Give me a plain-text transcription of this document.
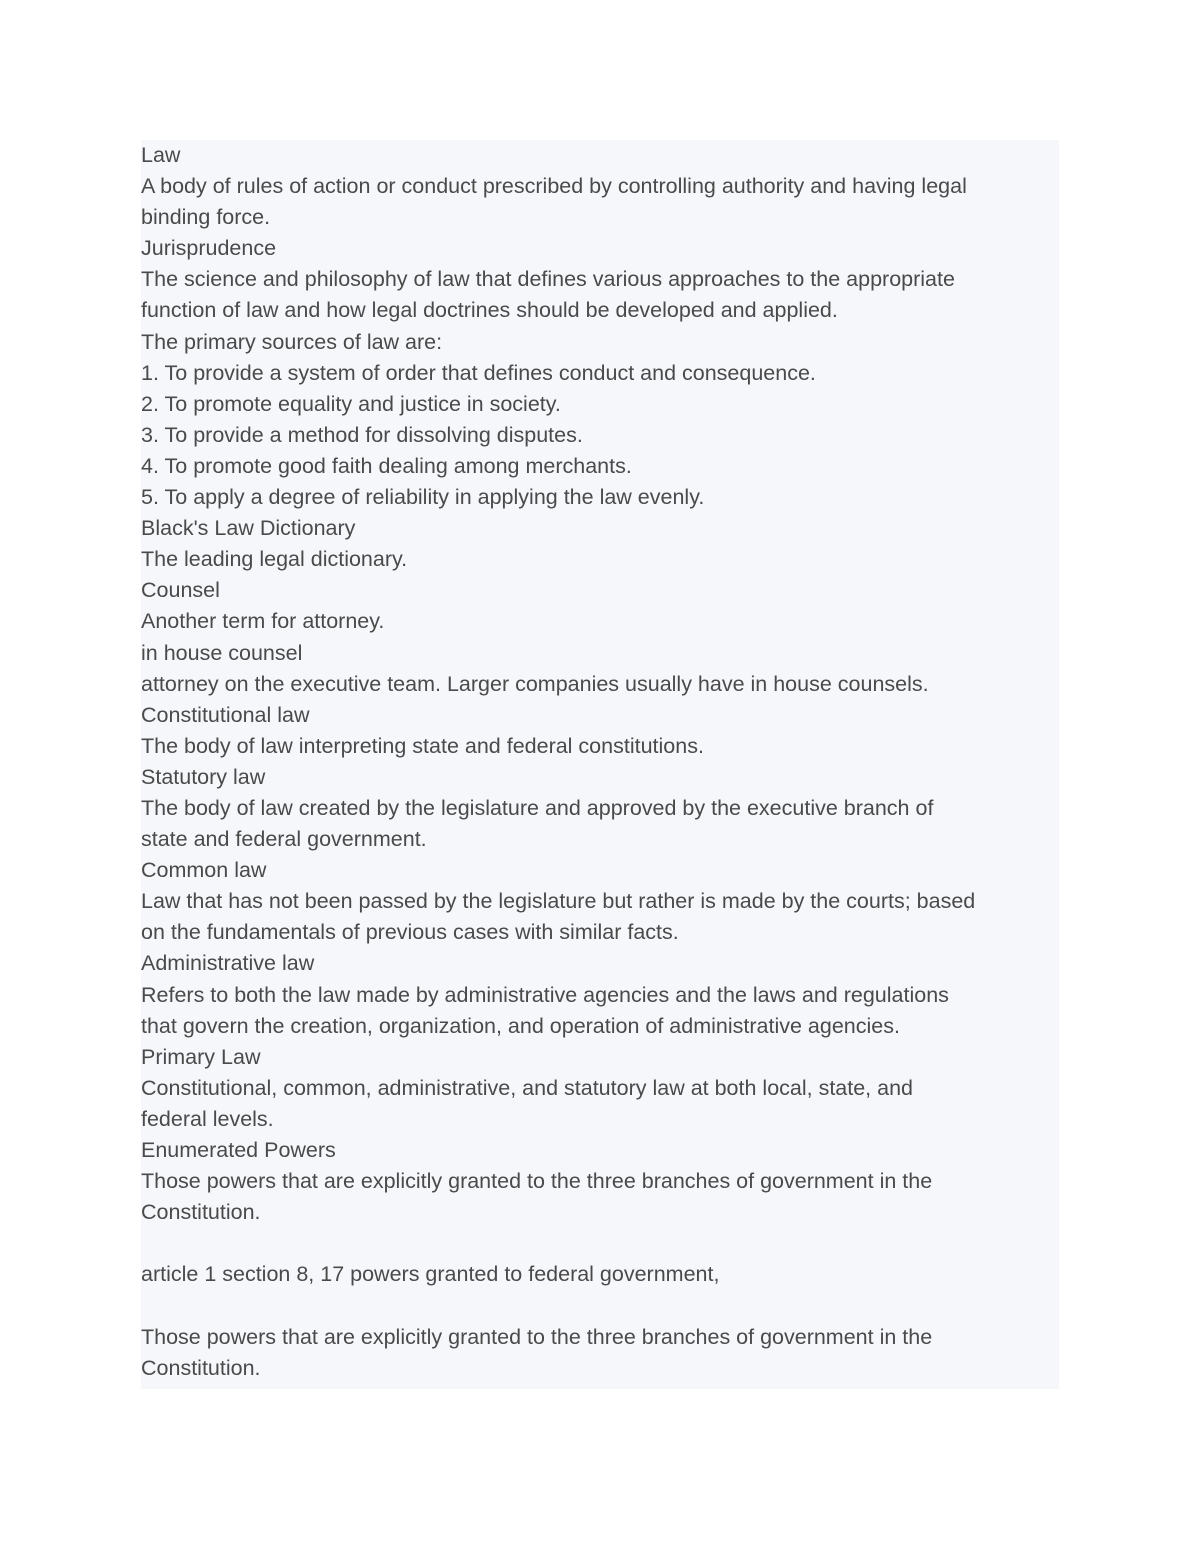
Law
A body of rules of action or conduct prescribed by controlling authority and having legal
binding force.
Jurisprudence
The science and philosophy of law that defines various approaches to the appropriate
function of law and how legal doctrines should be developed and applied.
The primary sources of law are:
1. To provide a system of order that defines conduct and consequence.
2. To promote equality and justice in society.
3. To provide a method for dissolving disputes.
4. To promote good faith dealing among merchants.
5. To apply a degree of reliability in applying the law evenly.
Black's Law Dictionary
The leading legal dictionary.
Counsel
Another term for attorney.
in house counsel
attorney on the executive team. Larger companies usually have in house counsels.
Constitutional law
The body of law interpreting state and federal constitutions.
Statutory law
The body of law created by the legislature and approved by the executive branch of
state and federal government.
Common law
Law that has not been passed by the legislature but rather is made by the courts; based
on the fundamentals of previous cases with similar facts.
Administrative law
Refers to both the law made by administrative agencies and the laws and regulations
that govern the creation, organization, and operation of administrative agencies.
Primary Law
Constitutional, common, administrative, and statutory law at both local, state, and
federal levels.
Enumerated Powers
Those powers that are explicitly granted to the three branches of government in the
Constitution.
article 1 section 8, 17 powers granted to federal government,
Those powers that are explicitly granted to the three branches of government in the
Constitution.
